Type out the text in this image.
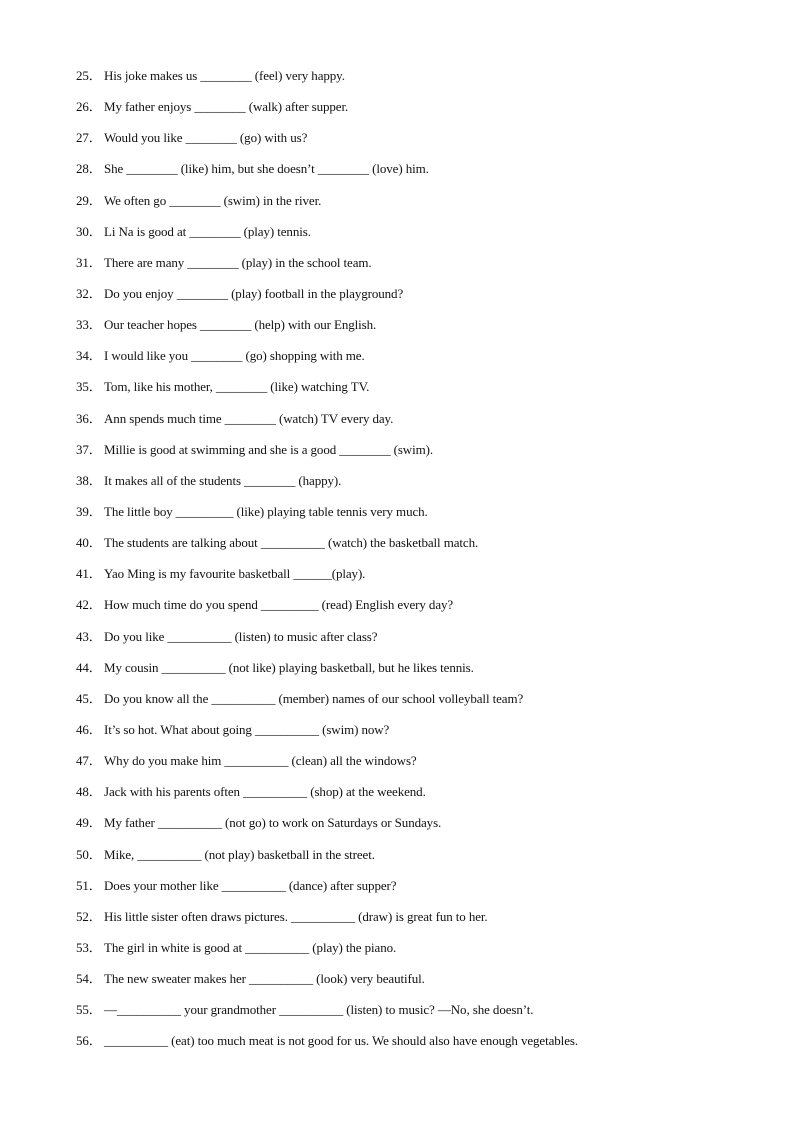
25． His joke makes us ________ (feel) very happy.
26． My father enjoys ________ (walk) after supper.
27． Would you like ________ (go) with us?
28． She ________ (like) him, but she doesn’t ________ (love) him.
29． We often go ________ (swim) in the river.
30． Li Na is good at ________ (play) tennis.
31． There are many ________ (play) in the school team.
32． Do you enjoy ________ (play) football in the playground?
33． Our teacher hopes ________ (help) with our English.
34． I would like you ________ (go) shopping with me.
35． Tom, like his mother, ________ (like) watching TV.
36． Ann spends much time ________ (watch) TV every day.
37． Millie is good at swimming and she is a good ________ (swim).
38． It makes all of the students ________ (happy).
39． The little boy _________ (like) playing table tennis very much.
40． The students are talking about __________ (watch) the basketball match.
41． Yao Ming is my favourite basketball ______(play).
42． How much time do you spend _________ (read) English every day?
43． Do you like __________ (listen) to music after class?
44． My cousin __________ (not like) playing basketball, but he likes tennis.
45． Do you know all the __________ (member) names of our school volleyball team?
46． It’s so hot. What about going __________ (swim) now?
47． Why do you make him __________ (clean) all the windows?
48． Jack with his parents often __________ (shop) at the weekend.
49． My father __________ (not go) to work on Saturdays or Sundays.
50． Mike, __________ (not play) basketball in the street.
51． Does your mother like __________ (dance) after supper?
52． His little sister often draws pictures. __________ (draw) is great fun to her.
53． The girl in white is good at __________ (play) the piano.
54． The new sweater makes her __________ (look) very beautiful.
55． —__________ your grandmother __________ (listen) to music? —No, she doesn’t.
56． __________ (eat) too much meat is not good for us. We should also have enough vegetables.
